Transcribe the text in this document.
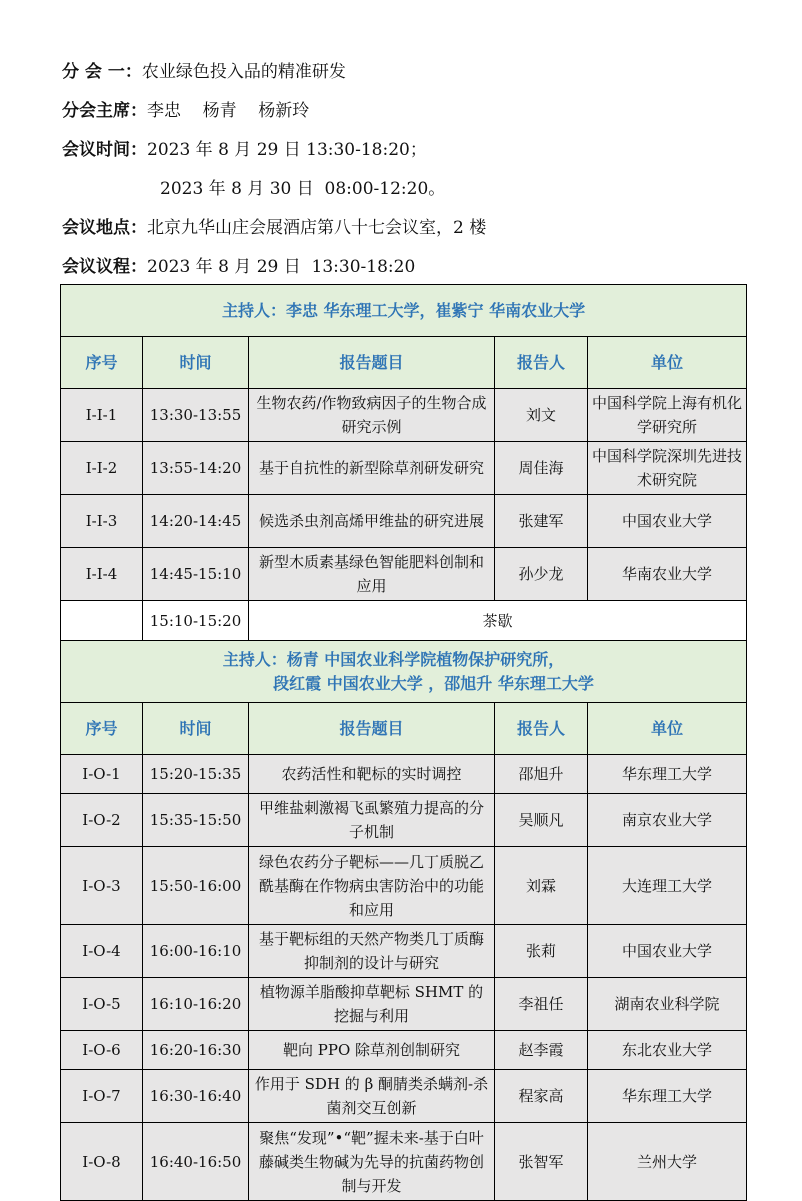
分 会 一：农业绿色投入品的精准研发
分会主席：李忠    杨青    杨新玲
会议时间：2023 年 8 月 29 日 13:30-18:20；
2023 年 8 月 30 日  08:00-12:20。
会议地点：北京九华山庄会展酒店第八十七会议室，2 楼
会议议程：2023 年 8 月 29 日  13:30-18:20
主持人：李忠 华东理工大学，崔紫宁 华南农业大学				
序号	时间	报告题目	报告人	单位
I-I-1	13:30-13:55	生物农药/作物致病因子的生物合成研究示例	刘文	中国科学院上海有机化学研究所
I-I-2	13:55-14:20	基于自抗性的新型除草剂研发研究	周佳海	中国科学院深圳先进技术研究院
I-I-3	14:20-14:45	候选杀虫剂高烯甲维盐的研究进展	张建军	中国农业大学
I-I-4	14:45-15:10	新型木质素基绿色智能肥料创制和应用	孙少龙	华南农业大学
	15:10-15:20	茶歇		

主持人：杨青 中国农业科学院植物保护研究所，
段红霞 中国农业大学 ，邵旭升 华东理工大学				

序号	时间	报告题目	报告人	单位
I-O-1	15:20-15:35	农药活性和靶标的实时调控	邵旭升	华东理工大学
I-O-2	15:35-15:50	甲维盐刺激褐飞虱繁殖力提高的分子机制	吴顺凡	南京农业大学
I-O-3	15:50-16:00	绿色农药分子靶标——几丁质脱乙酰基酶在作物病虫害防治中的功能和应用	刘霖	大连理工大学
I-O-4	16:00-16:10	基于靶标组的天然产物类几丁质酶抑制剂的设计与研究	张莉	中国农业大学
I-O-5	16:10-16:20	植物源羊脂酸抑草靶标 SHMT 的挖掘与利用	李祖任	湖南农业科学院
I-O-6	16:20-16:30	靶向 PPO 除草剂创制研究	赵李霞	东北农业大学
I-O-7	16:30-16:40	作用于 SDH 的 β 酮腈类杀螨剂-杀菌剂交互创新	程家高	华东理工大学
I-O-8	16:40-16:50	聚焦“发现”•“靶”握未来-基于白叶藤碱类生物碱为先导的抗菌药物创制与开发	张智军	兰州大学
